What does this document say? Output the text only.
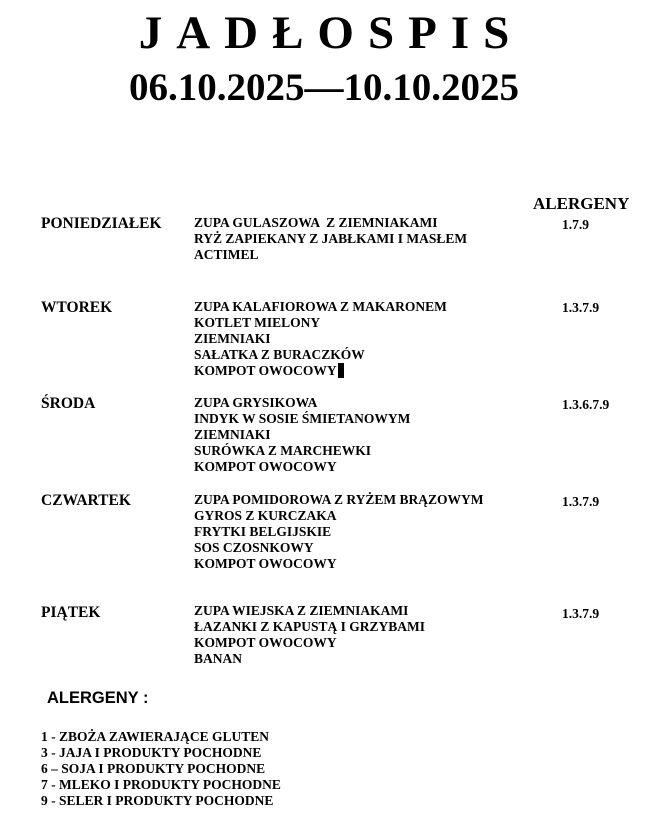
JADŁOSPIS
06.10.2025—10.10.2025
ALERGENY
PONIEDZIAŁEK ZUPA GULASZOWA  Z ZIEMNIAKAMI
RYŻ ZAPIEKANY Z JABŁKAMI I MASŁEM
ACTIMEL
1.7.9
WTOREK	ZUPA KALAFIOROWA Z MAKARONEM
KOTLET MIELONY
ZIEMNIAKI
SAŁATKA Z BURACZKÓW
KOMPOT OWOCOWY
1.3.7.9
ŚRODA	ZUPA GRYSIKOWA
INDYK W SOSIE ŚMIETANOWYM
ZIEMNIAKI
SURÓWKA Z MARCHEWKI
KOMPOT OWOCOWY
1.3.6.7.9
CZWARTEK	ZUPA POMIDOROWA Z RYŻEM BRĄZOWYM
GYROS Z KURCZAKA
FRYTKI BELGIJSKIE
SOS CZOSNKOWY
KOMPOT OWOCOWY
1.3.7.9
PIĄTEK	ZUPA WIEJSKA Z ZIEMNIAKAMI
ŁAZANKI Z KAPUSTĄ I GRZYBAMI
KOMPOT OWOCOWY
BANAN
1.3.7.9
ALERGENY :
1 - ZBOŻA ZAWIERAJĄCE GLUTEN
3 - JAJA I PRODUKTY POCHODNE
6 – SOJA I PRODUKTY POCHODNE
7 - MLEKO I PRODUKTY POCHODNE
9 - SELER I PRODUKTY POCHODNE
